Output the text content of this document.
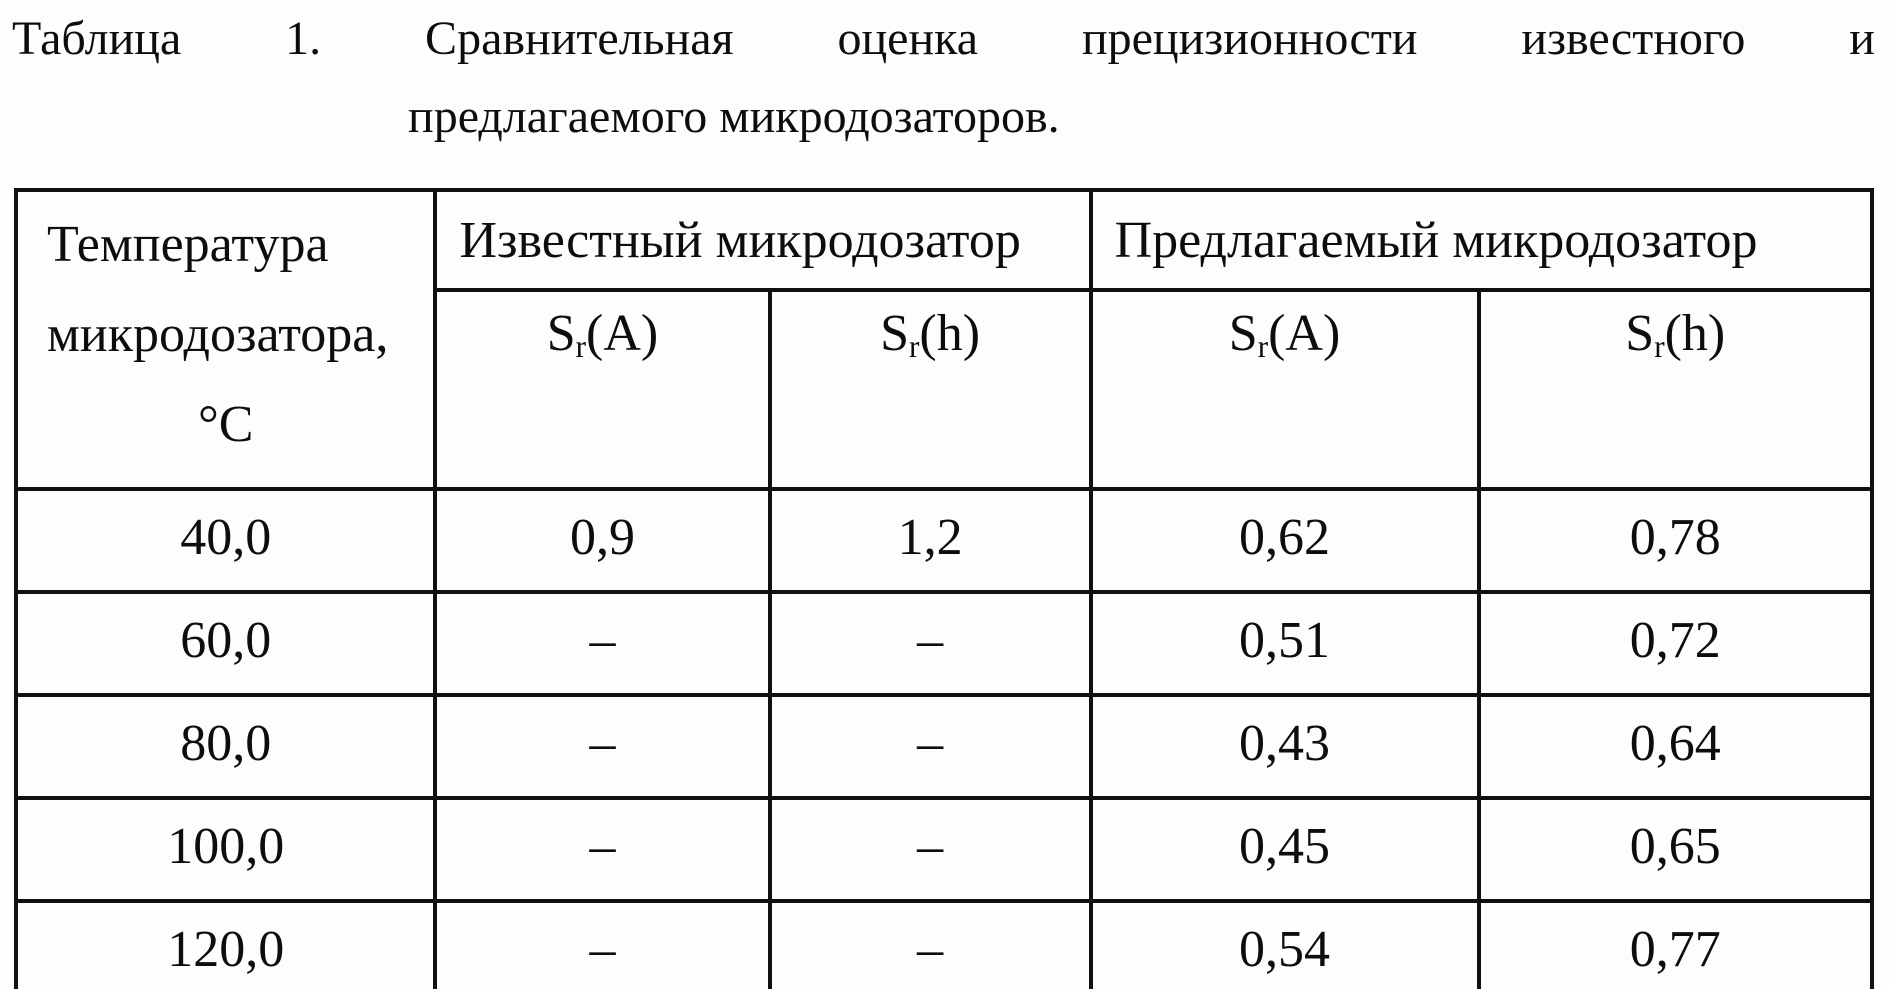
Таблица 1. Сравнительная оценка прецизионности известного и
предлагаемого микродозаторов.
Температура
микродозатора,
°C	Известный микродозатор		Предлагаемый микродозатор	
	$S_r(A)$	$S_r(h)$	$S_r(A)$	$S_r(h)$
40,0	0,9	1,2	0,62	0,78
60,0	–	–	0,51	0,72
80,0	–	–	0,43	0,64
100,0	–	–	0,45	0,65
120,0	–	–	0,54	0,77
